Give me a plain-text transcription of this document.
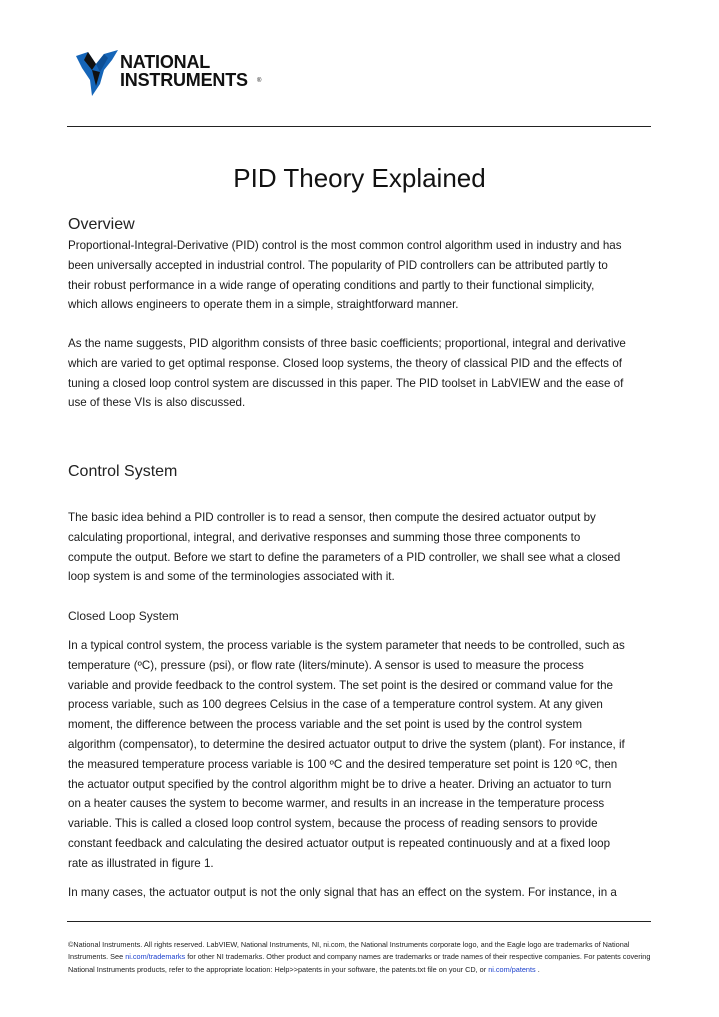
NATIONAL
INSTRUMENTS ®
PID Theory Explained
Overview
Proportional-Integral-Derivative (PID) control is the most common control algorithm used in industry and has
been universally accepted in industrial control. The popularity of PID controllers can be attributed partly to
their robust performance in a wide range of operating conditions and partly to their functional simplicity,
which allows engineers to operate them in a simple, straightforward manner.
As the name suggests, PID algorithm consists of three basic coefficients; proportional, integral and derivative
which are varied to get optimal response. Closed loop systems, the theory of classical PID and the effects of
tuning a closed loop control system are discussed in this paper. The PID toolset in LabVIEW and the ease of
use of these VIs is also discussed.
Control System
The basic idea behind a PID controller is to read a sensor, then compute the desired actuator output by
calculating proportional, integral, and derivative responses and summing those three components to
compute the output. Before we start to define the parameters of a PID controller, we shall see what a closed
loop system is and some of the terminologies associated with it.
Closed Loop System
In a typical control system, the process variable is the system parameter that needs to be controlled, such as
temperature (ºC), pressure (psi), or flow rate (liters/minute). A sensor is used to measure the process
variable and provide feedback to the control system. The set point is the desired or command value for the
process variable, such as 100 degrees Celsius in the case of a temperature control system. At any given
moment, the difference between the process variable and the set point is used by the control system
algorithm (compensator), to determine the desired actuator output to drive the system (plant). For instance, if
the measured temperature process variable is 100 ºC and the desired temperature set point is 120 ºC, then
the actuator output specified by the control algorithm might be to drive a heater. Driving an actuator to turn
on a heater causes the system to become warmer, and results in an increase in the temperature process
variable. This is called a closed loop control system, because the process of reading sensors to provide
constant feedback and calculating the desired actuator output is repeated continuously and at a fixed loop
rate as illustrated in figure 1.
In many cases, the actuator output is not the only signal that has an effect on the system. For instance, in a
©National Instruments. All rights reserved. LabVIEW, National Instruments, NI, ni.com, the National Instruments corporate logo, and the Eagle logo are trademarks of National
Instruments. See ni.com/trademarks for other NI trademarks. Other product and company names are trademarks or trade names of their respective companies. For patents covering
National Instruments products, refer to the appropriate location: Help>>patents in your software, the patents.txt file on your CD, or ni.com/patents .
